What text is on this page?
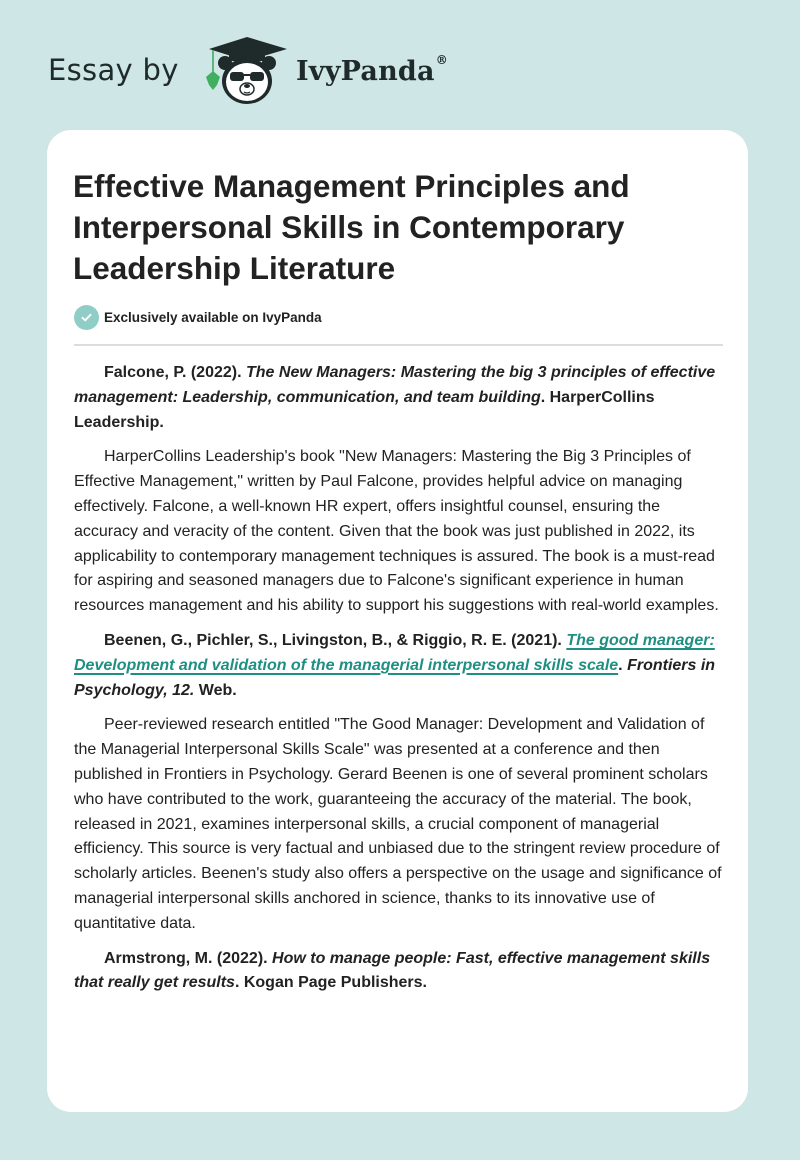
Essay by	IvyPanda®
Effective Management Principles and Interpersonal Skills in Contemporary Leadership Literature
Exclusively available on IvyPanda

Falcone, P. (2022). The New Managers: Mastering the big 3 principles of effective management: Leadership, communication, and team building. HarperCollins Leadership.

HarperCollins Leadership's book "New Managers: Mastering the Big 3 Principles of Effective Management," written by Paul Falcone, provides helpful advice on managing effectively. Falcone, a well-known HR expert, offers insightful counsel, ensuring the accuracy and veracity of the content. Given that the book was just published in 2022, its applicability to contemporary management techniques is assured. The book is a must-read for aspiring and seasoned managers due to Falcone's significant experience in human resources management and his ability to support his suggestions with real-world examples.

Beenen, G., Pichler, S., Livingston, B., & Riggio, R. E. (2021). The good manager: Development and validation of the managerial interpersonal skills scale. Frontiers in Psychology, 12. Web.

Peer-reviewed research entitled "The Good Manager: Development and Validation of the Managerial Interpersonal Skills Scale" was presented at a conference and then published in Frontiers in Psychology. Gerard Beenen is one of several prominent scholars who have contributed to the work, guaranteeing the accuracy of the material. The book, released in 2021, examines interpersonal skills, a crucial component of managerial efficiency. This source is very factual and unbiased due to the stringent review procedure of scholarly articles. Beenen's study also offers a perspective on the usage and significance of managerial interpersonal skills anchored in science, thanks to its innovative use of quantitative data.

Armstrong, M. (2022). How to manage people: Fast, effective management skills that really get results. Kogan Page Publishers.
